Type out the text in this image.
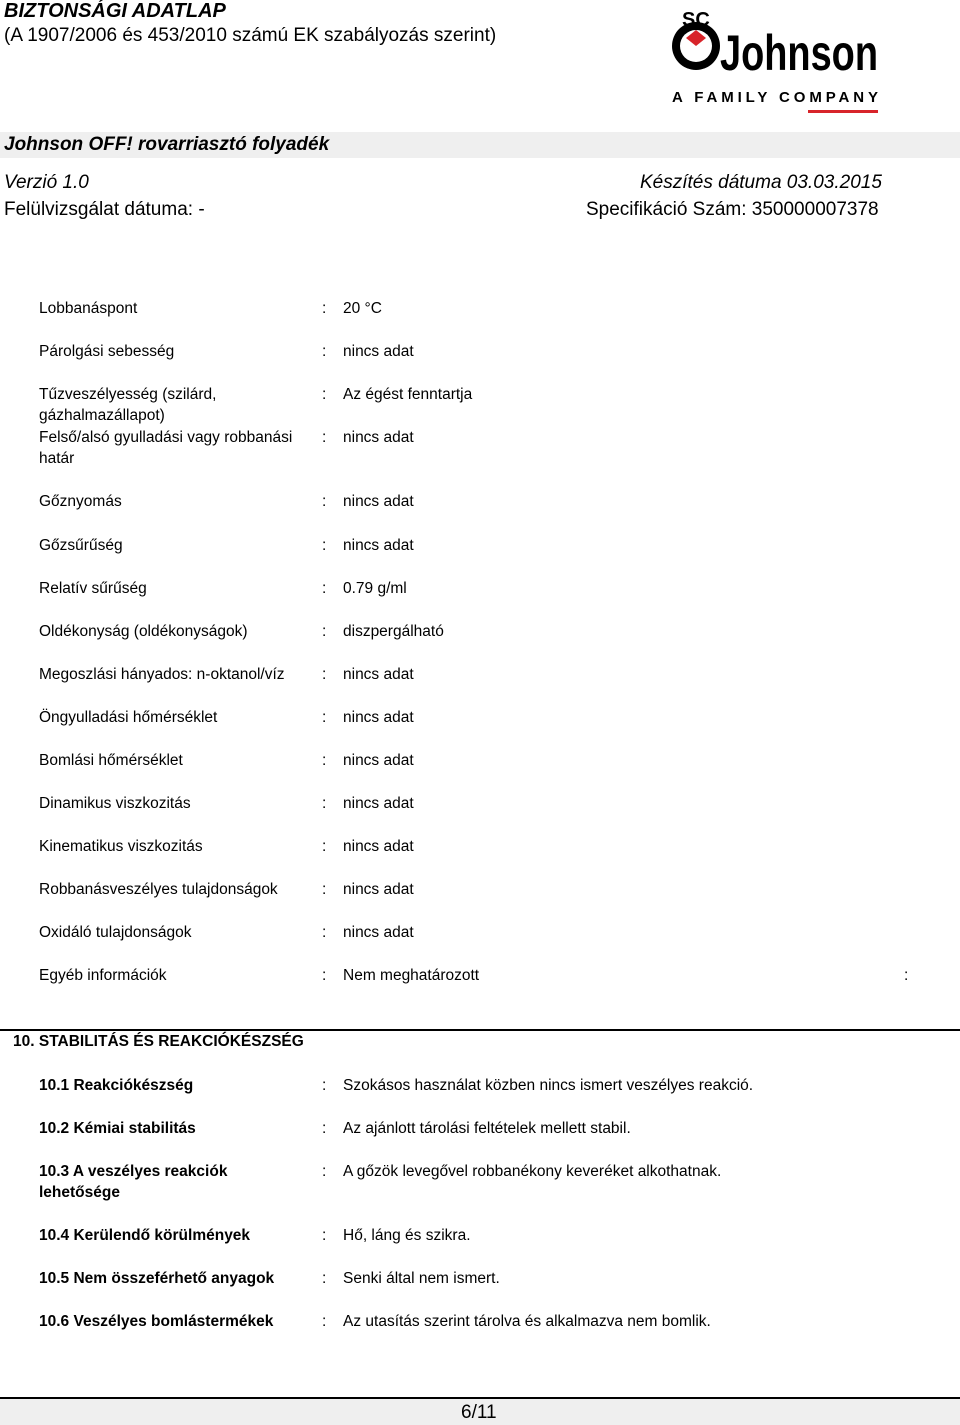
BIZTONSÁGI ADATLAP
(A 1907/2006 és 453/2010 számú EK szabályozás szerint)
SC
Johnson
A FAMILY COMPANY
Johnson OFF! rovarriasztó folyadék
Verzió 1.0	Készítés dátuma 03.03.2015
Felülvizsgálat dátuma: -	Specifikáció Szám: 350000007378
Lobbanáspont	: 20 °C
Párolgási sebesség	: nincs adat
Tűzveszélyesség (szilárd, gázhalmazállapot)
: Az égést fenntartja
Felső/alsó gyulladási vagy robbanási határ
: nincs adat
Gőznyomás	: nincs adat
Gőzsűrűség	: nincs adat
Relatív sűrűség	: 0.79 g/ml
Oldékonyság (oldékonyságok)	: diszpergálható
Megoszlási hányados: n-oktanol/víz	: nincs adat
Öngyulladási hőmérséklet	: nincs adat
Bomlási hőmérséklet	: nincs adat
Dinamikus viszkozitás	: nincs adat
Kinematikus viszkozitás	: nincs adat
Robbanásveszélyes tulajdonságok	: nincs adat
Oxidáló tulajdonságok	: nincs adat
Egyéb információk	: Nem meghatározott	:
10. STABILITÁS ÉS REAKCIÓKÉSZSÉG
10.1 Reakciókészség	: Szokásos használat közben nincs ismert veszélyes reakció.
10.2 Kémiai stabilitás	: Az ajánlott tárolási feltételek mellett stabil.
10.3 A veszélyes reakciók lehetősége
: A gőzök levegővel robbanékony keveréket alkothatnak.
10.4 Kerülendő körülmények	: Hő, láng és szikra.
10.5 Nem összeférhető anyagok	: Senki által nem ismert.
10.6 Veszélyes bomlástermékek	: Az utasítás szerint tárolva és alkalmazva nem bomlik.
6/11
